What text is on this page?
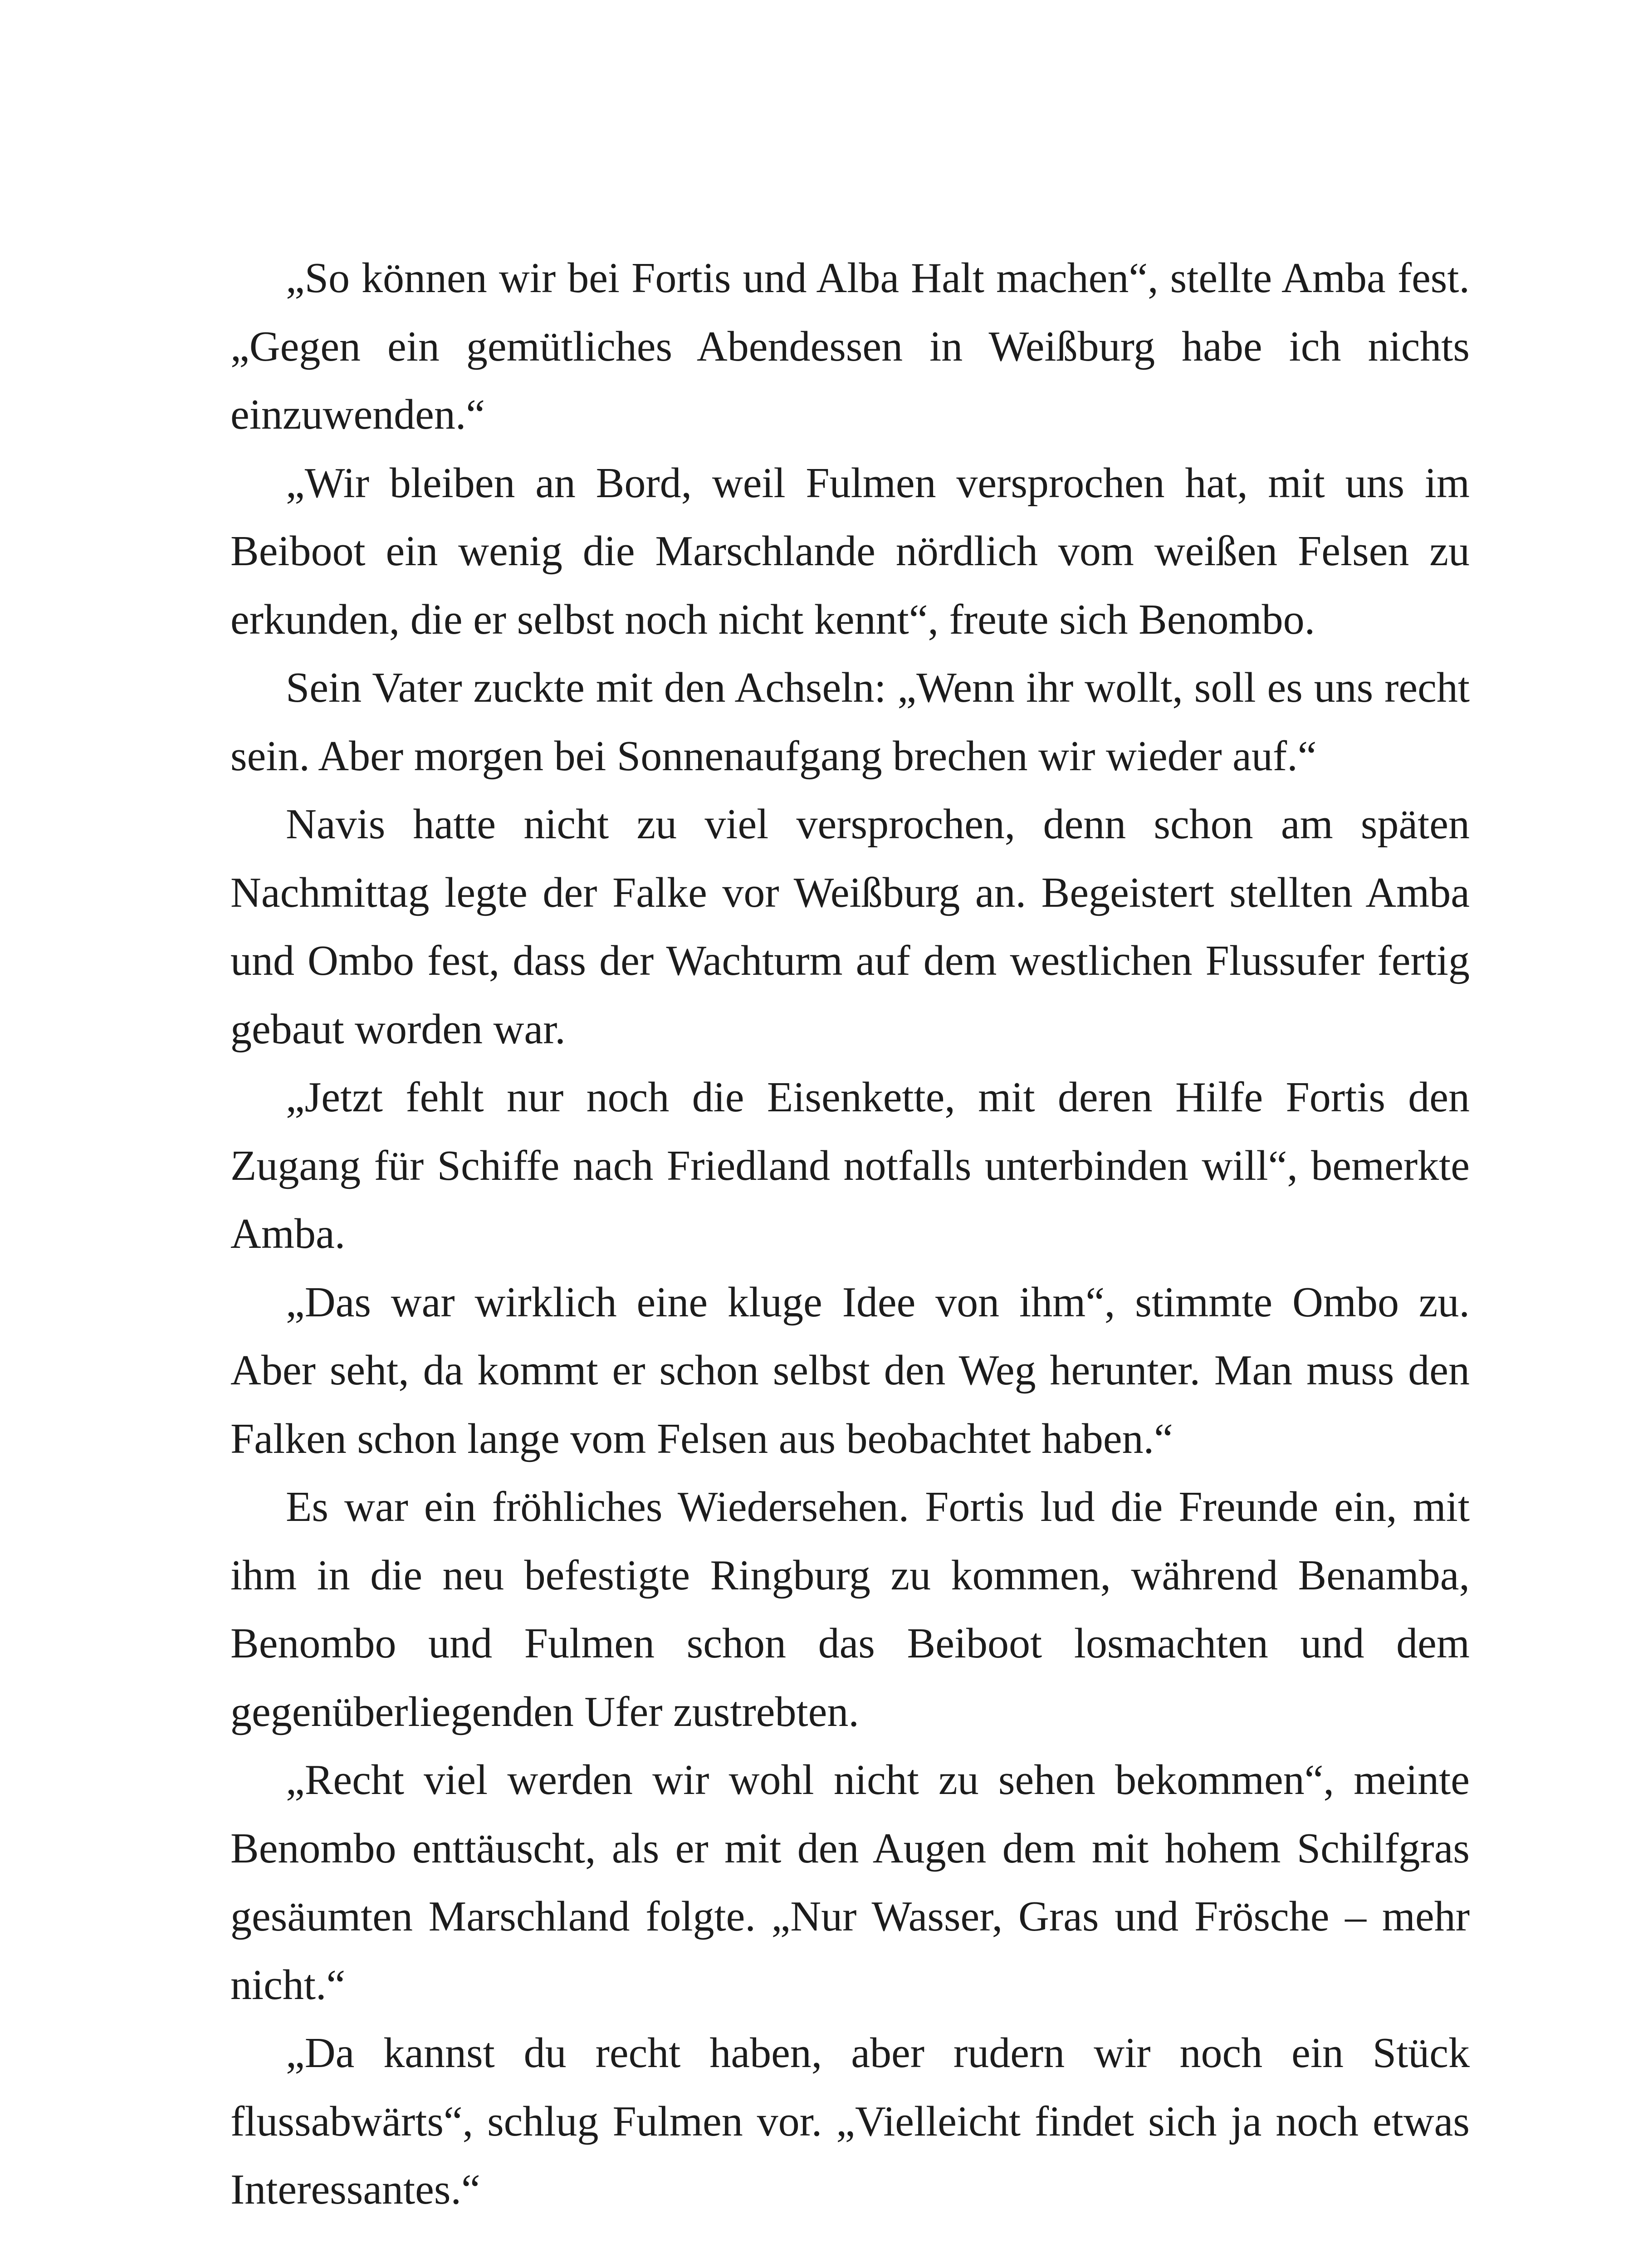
„So können wir bei Fortis und Alba Halt machen“, stellte Amba fest.
„Gegen ein gemütliches Abendessen in Weißburg habe ich nichts
einzuwenden.“
„Wir bleiben an Bord, weil Fulmen versprochen hat, mit uns im
Beiboot ein wenig die Marschlande nördlich vom weißen Felsen zu
erkunden, die er selbst noch nicht kennt“, freute sich Benombo.
Sein Vater zuckte mit den Achseln: „Wenn ihr wollt, soll es uns recht
sein. Aber morgen bei Sonnenaufgang brechen wir wieder auf.“
Navis hatte nicht zu viel versprochen, denn schon am späten
Nachmittag legte der Falke vor Weißburg an. Begeistert stellten Amba
und Ombo fest, dass der Wachturm auf dem westlichen Flussufer fertig
gebaut worden war.
„Jetzt fehlt nur noch die Eisenkette, mit deren Hilfe Fortis den
Zugang für Schiffe nach Friedland notfalls unterbinden will“, bemerkte
Amba.
„Das war wirklich eine kluge Idee von ihm“, stimmte Ombo zu.
Aber seht, da kommt er schon selbst den Weg herunter. Man muss den
Falken schon lange vom Felsen aus beobachtet haben.“
Es war ein fröhliches Wiedersehen. Fortis lud die Freunde ein, mit
ihm in die neu befestigte Ringburg zu kommen, während Benamba,
Benombo und Fulmen schon das Beiboot losmachten und dem
gegenüberliegenden Ufer zustrebten.
„Recht viel werden wir wohl nicht zu sehen bekommen“, meinte
Benombo enttäuscht, als er mit den Augen dem mit hohem Schilfgras
gesäumten Marschland folgte. „Nur Wasser, Gras und Frösche – mehr
nicht.“
„Da kannst du recht haben, aber rudern wir noch ein Stück
flussabwärts“, schlug Fulmen vor. „Vielleicht findet sich ja noch etwas
Interessantes.“
